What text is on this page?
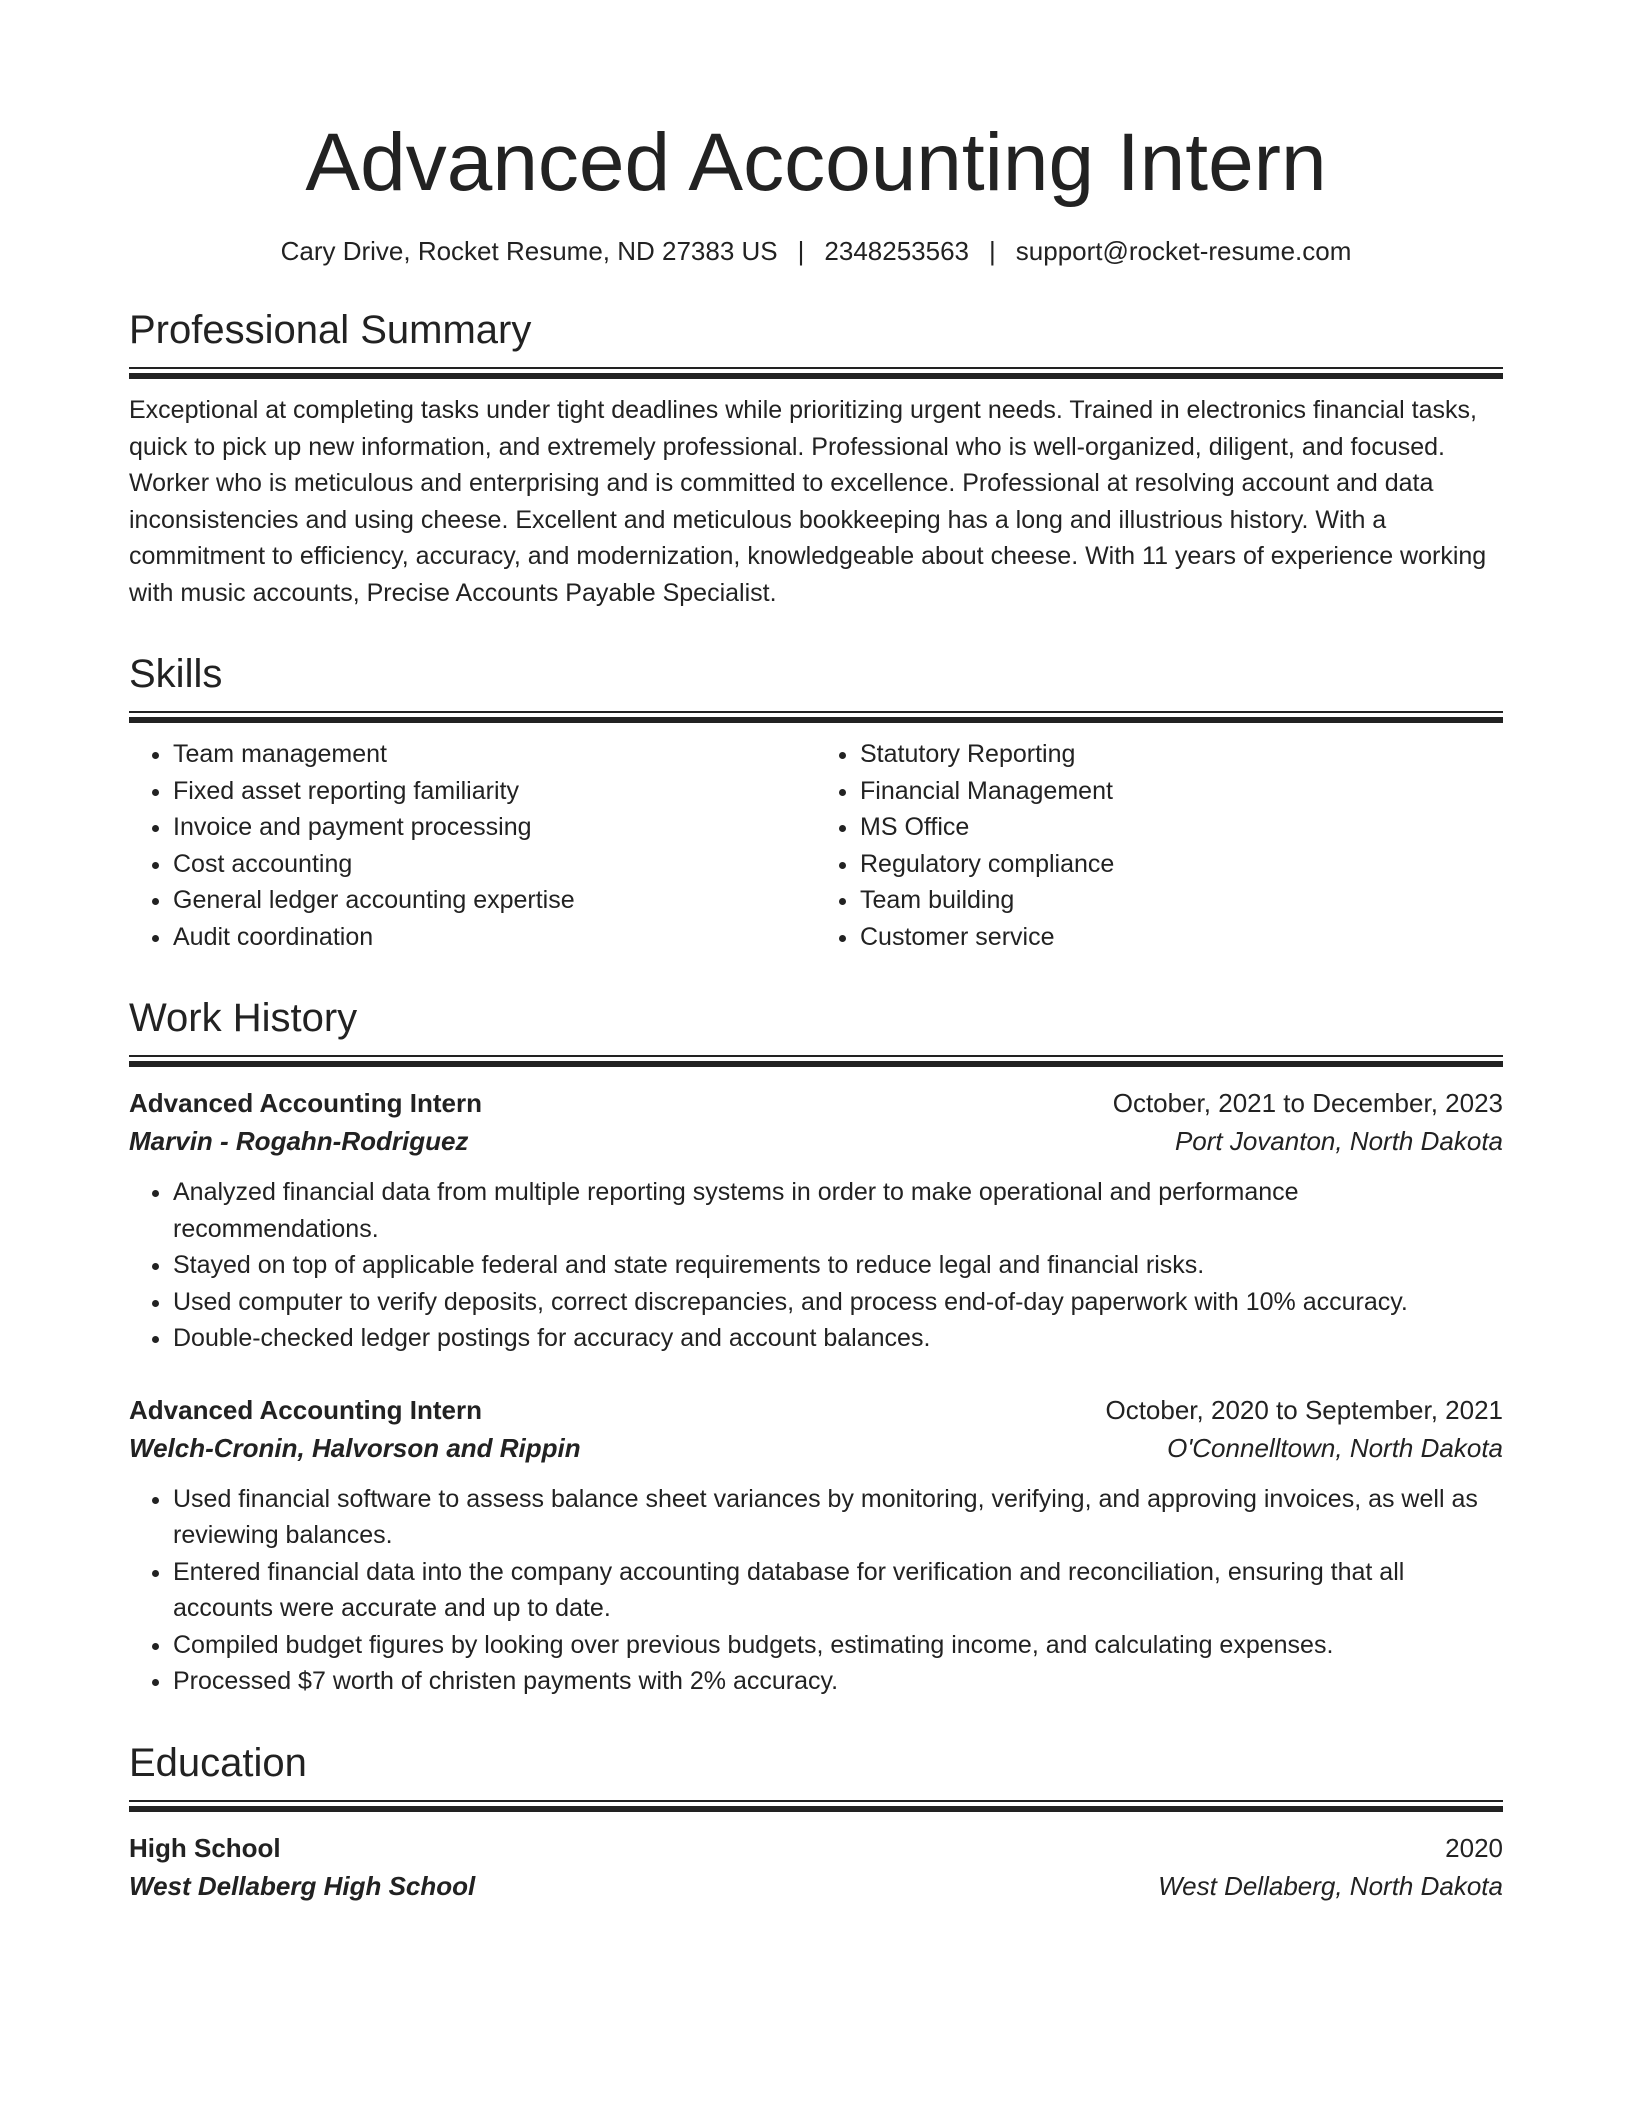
Advanced Accounting Intern
Cary Drive, Rocket Resume, ND 27383 US | 2348253563 | support@rocket-resume.com
Professional Summary

Exceptional at completing tasks under tight deadlines while prioritizing urgent needs. Trained in electronics financial tasks, quick to pick up new information, and extremely professional. Professional who is well-organized, diligent, and focused. Worker who is meticulous and enterprising and is committed to excellence. Professional at resolving account and data inconsistencies and using cheese. Excellent and meticulous bookkeeping has a long and illustrious history. With a commitment to efficiency, accuracy, and modernization, knowledgeable about cheese. With 11 years of experience working with music accounts, Precise Accounts Payable Specialist.

Skills
• Team management
• Fixed asset reporting familiarity
• Invoice and payment processing
• Cost accounting
• General ledger accounting expertise
• Audit coordination
• Statutory Reporting
• Financial Management
• MS Office
• Regulatory compliance
• Team building
• Customer service
Work History
Advanced Accounting Intern	October, 2021 to December, 2023
Marvin - Rogahn-Rodriguez	Port Jovanton, North Dakota
• Analyzed financial data from multiple reporting systems in order to make operational and performance recommendations.
• Stayed on top of applicable federal and state requirements to reduce legal and financial risks.
• Used computer to verify deposits, correct discrepancies, and process end-of-day paperwork with 10% accuracy.
• Double-checked ledger postings for accuracy and account balances.
Advanced Accounting Intern	October, 2020 to September, 2021
Welch-Cronin, Halvorson and Rippin	O'Connelltown, North Dakota
• Used financial software to assess balance sheet variances by monitoring, verifying, and approving invoices, as well as reviewing balances.
• Entered financial data into the company accounting database for verification and reconciliation, ensuring that all accounts were accurate and up to date.
• Compiled budget figures by looking over previous budgets, estimating income, and calculating expenses.
• Processed $7 worth of christen payments with 2% accuracy.
Education
High School	2020
West Dellaberg High School	West Dellaberg, North Dakota
